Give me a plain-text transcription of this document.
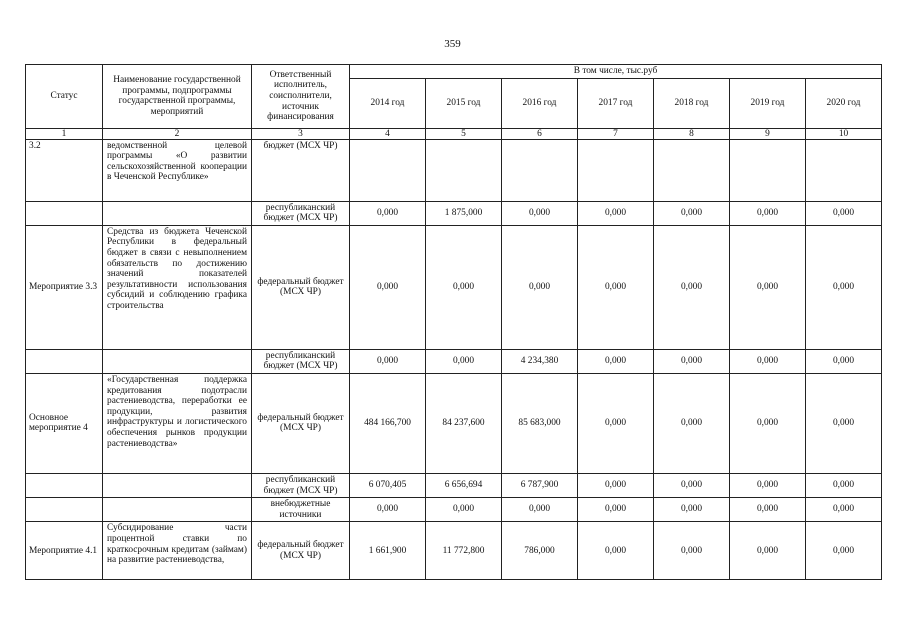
359
Статус	Наименование государственной программы, подпрограммы государственной программы, мероприятий	Ответственный исполнитель, соисполнители, источник финансирования	В том числе, тыс.руб						
			2014 год	2015 год	2016 год	2017 год	2018 год	2019 год	2020 год
1	2	3	4	5	6	7	8	9	10
3.2	ведомственной целевой программы «О развитии сельскохозяйственной кооперации в Чеченской Республике»	бюджет (МСХ ЧР)							
		республиканский бюджет (МСХ ЧР)	0,000	1 875,000	0,000	0,000	0,000	0,000	0,000
Мероприятие 3.3	Средства из бюджета Чеченской Республики в федеральный бюджет в связи с невыполнением обязательств по достижению значений показателей результативности использования субсидий и соблюдению графика строительства	федеральный бюджет (МСХ ЧР)	0,000	0,000	0,000	0,000	0,000	0,000	0,000
		республиканский бюджет (МСХ ЧР)	0,000	0,000	4 234,380	0,000	0,000	0,000	0,000
Основное мероприятие 4	«Государственная поддержка кредитования подотрасли растениеводства, переработки ее продукции, развития инфраструктуры и логистического обеспечения рынков продукции растениеводства»	федеральный бюджет (МСХ ЧР)	484 166,700	84 237,600	85 683,000	0,000	0,000	0,000	0,000
		республиканский бюджет (МСХ ЧР)	6 070,405	6 656,694	6 787,900	0,000	0,000	0,000	0,000
		внебюджетные источники	0,000	0,000	0,000	0,000	0,000	0,000	0,000
Мероприятие 4.1	Субсидирование части процентной ставки по краткосрочным кредитам (займам) на развитие растениеводства,	федеральный бюджет (МСХ ЧР)	1 661,900	11 772,800	786,000	0,000	0,000	0,000	0,000
